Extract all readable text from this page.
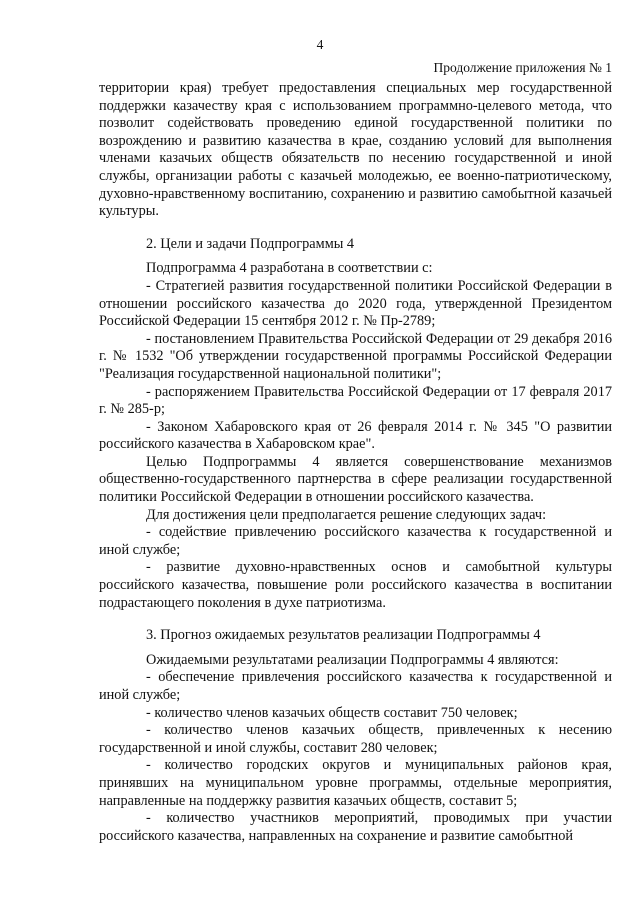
4
Продолжение приложения № 1

территории края) требует предоставления специальных мер государственной поддержки казачеству края с использованием программно-целевого метода, что позволит содействовать проведению единой государственной политики по возрождению и развитию казачества в крае, созданию условий для выполнения членами казачьих обществ обязательств по несению государственной и иной службы, организации работы с казачьей молодежью, ее военно-патриотическому, духовно-нравственному воспитанию, сохранению и развитию самобытной казачьей культуры.

2. Цели и задачи Подпрограммы 4

Подпрограмма 4 разработана в соответствии с:

- Стратегией развития государственной политики Российской Федерации в отношении российского казачества до 2020 года, утвержденной Президентом Российской Федерации 15 сентября 2012 г. № Пр-2789;

- постановлением Правительства Российской Федерации от 29 декабря 2016 г. № 1532 "Об утверждении государственной программы Российской Федерации "Реализация государственной национальной политики";

- распоряжением Правительства Российской Федерации от 17 февраля 2017 г. № 285-р;

- Законом Хабаровского края от 26 февраля 2014 г. № 345 "О развитии российского казачества в Хабаровском крае".

Целью Подпрограммы 4 является совершенствование механизмов общественно-государственного партнерства в сфере реализации государственной политики Российской Федерации в отношении российского казачества.

Для достижения цели предполагается решение следующих задач:

- содействие привлечению российского казачества к государственной и иной службе;

- развитие духовно-нравственных основ и самобытной культуры российского казачества, повышение роли российского казачества в воспитании подрастающего поколения в духе патриотизма.

3. Прогноз ожидаемых результатов реализации Подпрограммы 4

Ожидаемыми результатами реализации Подпрограммы 4 являются:

- обеспечение привлечения российского казачества к государственной и иной службе;

- количество членов казачьих обществ составит 750 человек;

- количество членов казачьих обществ, привлеченных к несению государственной и иной службы, составит 280 человек;

- количество городских округов и муниципальных районов края, принявших на муниципальном уровне программы, отдельные мероприятия, направленные на поддержку развития казачьих обществ, составит 5;

- количество участников мероприятий, проводимых при участии российского казачества, направленных на сохранение и развитие самобытной
